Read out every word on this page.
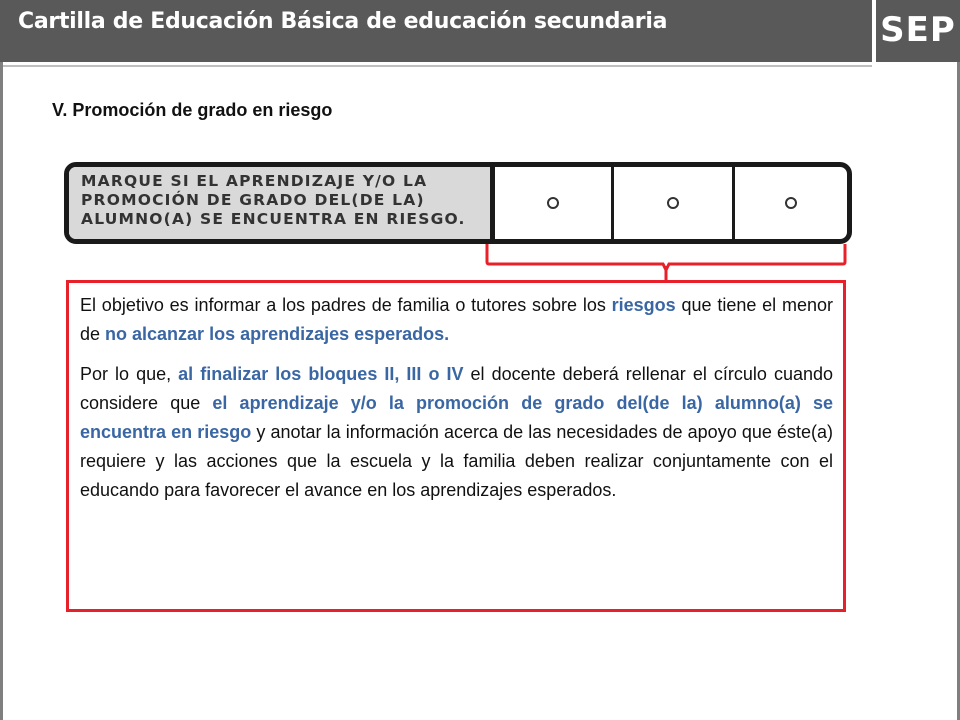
Cartilla de Educación Básica de educación secundaria	SEP
V. Promoción de grado en riesgo
MARQUE SI EL APRENDIZAJE Y/O LA
PROMOCIÓN DE GRADO DEL(DE LA)
ALUMNO(A) SE ENCUENTRA EN RIESGO.

El objetivo es informar a los padres de familia o tutores sobre los riesgos que tiene el menor de no alcanzar los aprendizajes esperados.

Por lo que, al finalizar los bloques II, III o IV el docente deberá rellenar el círculo cuando considere que el aprendizaje y/o la promoción de grado del(de la) alumno(a) se encuentra en riesgo y anotar la información acerca de las necesidades de apoyo que éste(a) requiere y las acciones que la escuela y la familia deben realizar conjuntamente con el educando para favorecer el avance en los aprendizajes esperados.
